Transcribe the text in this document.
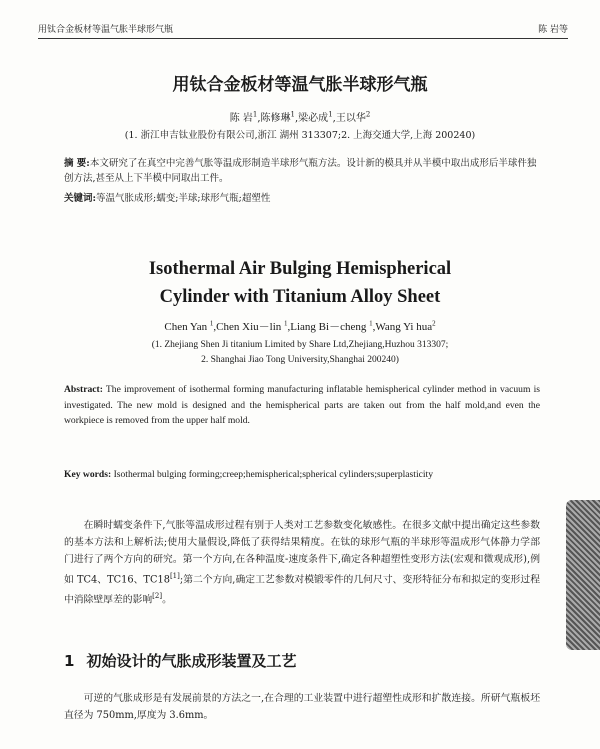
用钛合金板材等温气胀半球形气瓶	陈 岩等
用钛合金板材等温气胀半球形气瓶
陈 岩$^1$,陈修琳$^1$,梁必成$^1$,王以华$^2$
(1. 浙江申吉钛业股份有限公司,浙江 湖州 313307;2. 上海交通大学,上海 200240)
摘 要:本文研究了在真空中完善气胀等温成形制造半球形气瓶方法。设计新的模具并从半模中取出成形后半球件独创方法,甚至从上下半模中同取出工件。
关键词:等温气胀成形;蠕变;半球;球形气瓶;超塑性
Isothermal Air Bulging Hemispherical
Cylinder with Titanium Alloy Sheet
Chen Yan $^1$,Chen Xiu－lin $^1$,Liang Bi－cheng $^1$,Wang Yi hua$^2$
(1. Zhejiang Shen Ji titanium Limited by Share Ltd,Zhejiang,Huzhou 313307;
2. Shanghai Jiao Tong University,Shanghai 200240)
Abstract: The improvement of isothermal forming manufacturing inflatable hemispherical cylinder method in vacuum is investigated. The new mold is designed and the hemispherical parts are taken out from the half mold,and even the workpiece is removed from the upper half mold.
Key words: Isothermal bulging forming;creep;hemispherical;spherical cylinders;superplasticity
在瞬时蠕变条件下,气胀等温成形过程有别于人类对工艺参数变化敏感性。在很多文献中提出确定这些参数的基本方法和上解析法;使用大量假设,降低了获得结果精度。在钛的球形气瓶的半球形等温成形气体静力学部门进行了两个方向的研究。第一个方向,在各种温度-速度条件下,确定各种超塑性变形方法(宏观和微观成形),例如 TC4、TC16、TC18[1];第二个方向,确定工艺参数对模锻零件的几何尺寸、变形特征分布和拟定的变形过程中消除壁厚差的影响[2]。
1 初始设计的气胀成形装置及工艺
可逆的气胀成形是有发展前景的方法之一,在合理的工业装置中进行超塑性成形和扩散连接。所研气瓶板坯直径为 750mm,厚度为 3.6mm。
